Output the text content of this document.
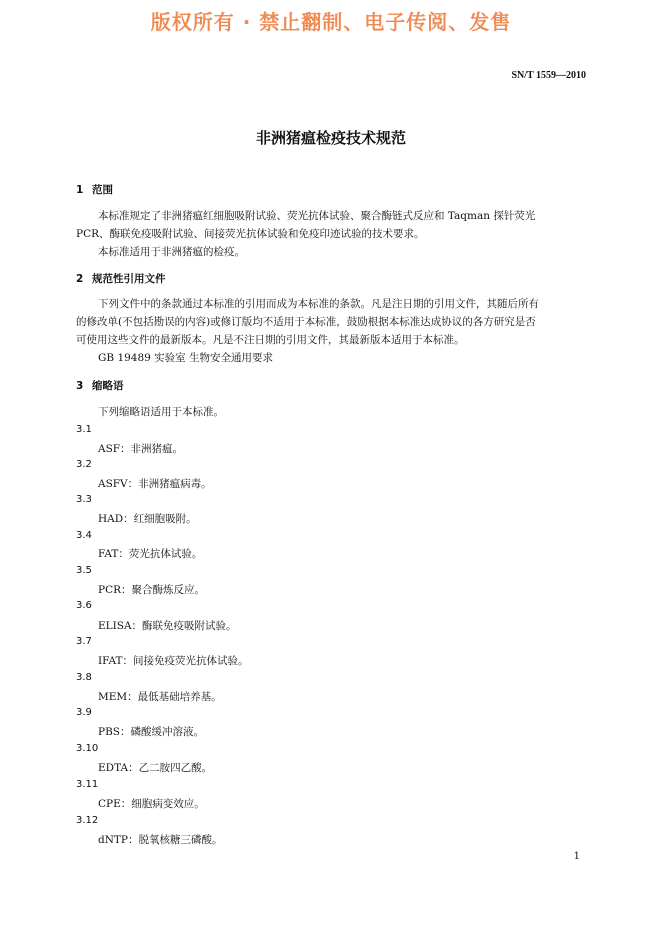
版权所有 · 禁止翻制、电子传阅、发售
SN/T 1559—2010
非洲猪瘟检疫技术规范
1 范围
本标准规定了非洲猪瘟红细胞吸附试验、荧光抗体试验、聚合酶链式反应和 Taqman 探针荧光
PCR、酶联免疫吸附试验、间接荧光抗体试验和免疫印迹试验的技术要求。
本标准适用于非洲猪瘟的检疫。
2 规范性引用文件
下列文件中的条款通过本标准的引用而成为本标准的条款。凡是注日期的引用文件，其随后所有
的修改单(不包括勘误的内容)或修订版均不适用于本标准，鼓励根据本标准达成协议的各方研究是否
可使用这些文件的最新版本。凡是不注日期的引用文件，其最新版本适用于本标准。
GB 19489 实验室 生物安全通用要求
3 缩略语
下列缩略语适用于本标准。
3.1
ASF：非洲猪瘟。
3.2
ASFV：非洲猪瘟病毒。
3.3
HAD：红细胞吸附。
3.4
FAT：荧光抗体试验。
3.5
PCR：聚合酶炼反应。
3.6
ELISA：酶联免疫吸附试验。
3.7
IFAT：间接免疫荧光抗体试验。
3.8
MEM：最低基础培养基。
3.9
PBS：磷酸缓冲溶液。
3.10
EDTA：乙二胺四乙酸。
3.11
CPE：细胞病变效应。
3.12
dNTP：脱氧核糖三磷酸。
1
